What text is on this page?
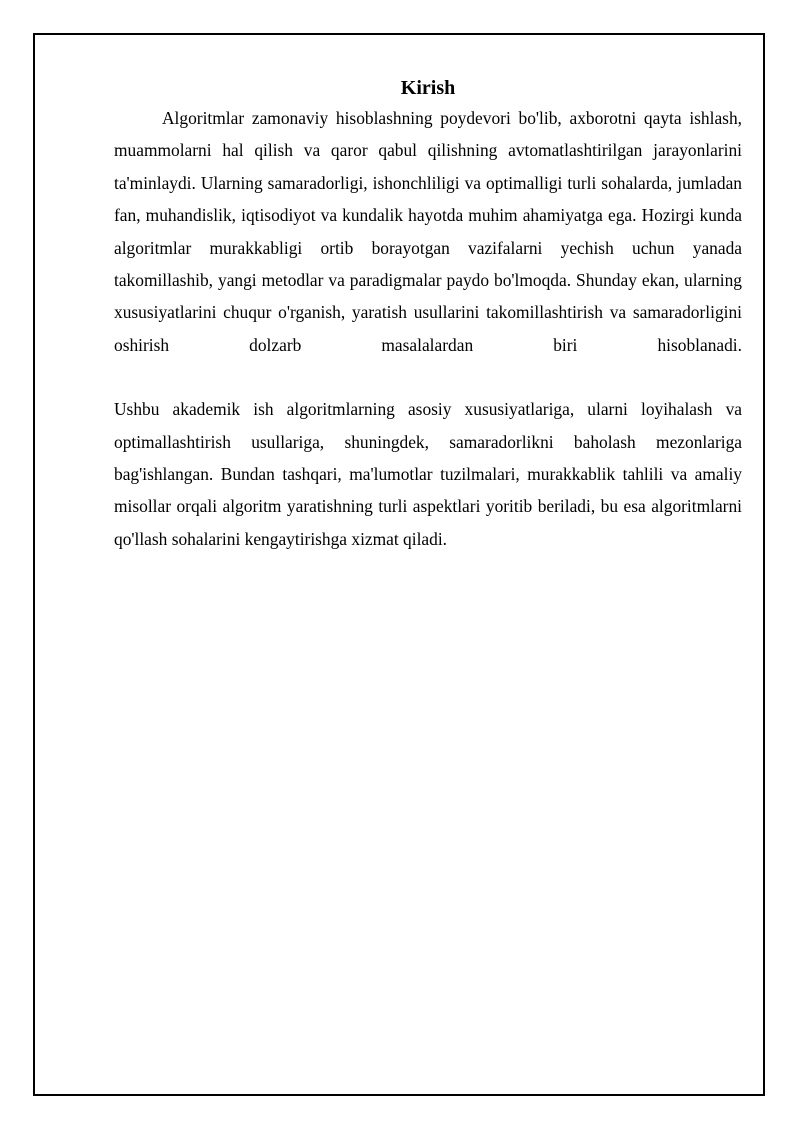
Kirish

Algoritmlar zamonaviy hisoblashning poydevori bo'lib, axborotni qayta ishlash, muammolarni hal qilish va qaror qabul qilishning avtomatlashtirilgan jarayonlarini ta'minlaydi. Ularning samaradorligi, ishonchliligi va optimalligi turli sohalarda, jumladan fan, muhandislik, iqtisodiyot va kundalik hayotda muhim ahamiyatga ega. Hozirgi kunda algoritmlar murakkabligi ortib borayotgan vazifalarni yechish uchun yanada takomillashib, yangi metodlar va paradigmalar paydo bo'lmoqda. Shunday ekan, ularning xususiyatlarini chuqur o'rganish, yaratish usullarini takomillashtirish va samaradorligini oshirish dolzarb masalalardan biri hisoblanadi.

Ushbu akademik ish algoritmlarning asosiy xususiyatlariga, ularni loyihalash va optimallashtirish usullariga, shuningdek, samaradorlikni baholash mezonlariga bag'ishlangan. Bundan tashqari, ma'lumotlar tuzilmalari, murakkablik tahlili va amaliy misollar orqali algoritm yaratishning turli aspektlari yoritib beriladi, bu esa algoritmlarni qo'llash sohalarini kengaytirishga xizmat qiladi.
